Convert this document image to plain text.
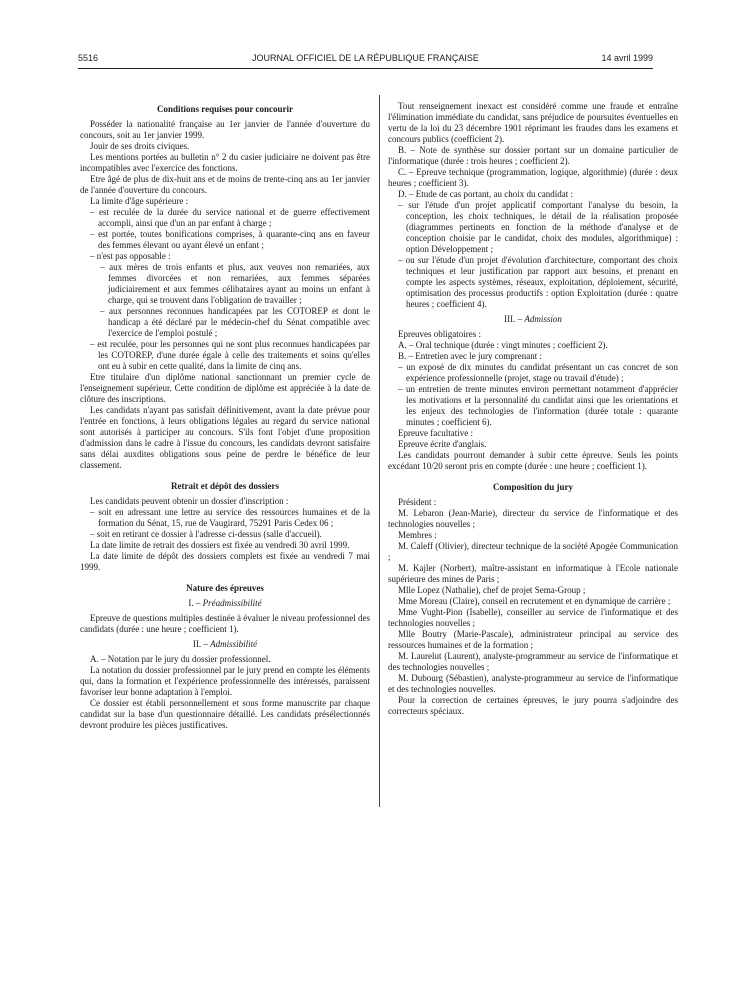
5516	JOURNAL OFFICIEL DE LA RÉPUBLIQUE FRANÇAISE	14 avril 1999

Conditions requises pour concourir

Posséder la nationalité française au 1er janvier de l'année d'ouverture du concours, soit au 1er janvier 1999.

Jouir de ses droits civiques.

Les mentions portées au bulletin n° 2 du casier judiciaire ne doivent pas être incompatibles avec l'exercice des fonctions.

Etre âgé de plus de dix-huit ans et de moins de trente-cinq ans au 1er janvier de l'année d'ouverture du concours.

La limite d'âge supérieure :

– est reculée de la durée du service national et de guerre effectivement accompli, ainsi que d'un an par enfant à charge ;

– est portée, toutes bonifications comprises, à quarante-cinq ans en faveur des femmes élevant ou ayant élevé un enfant ;

– n'est pas opposable :

– aux mères de trois enfants et plus, aux veuves non remariées, aux femmes divorcées et non remariées, aux femmes séparées judiciairement et aux femmes célibataires ayant au moins un enfant à charge, qui se trouvent dans l'obligation de travailler ;

– aux personnes reconnues handicapées par les COTOREP et dont le handicap a été déclaré par le médecin-chef du Sénat compatible avec l'exercice de l'emploi postulé ;

– est reculée, pour les personnes qui ne sont plus reconnues handicapées par les COTOREP, d'une durée égale à celle des traitements et soins qu'elles ont eu à subir en cette qualité, dans la limite de cinq ans.

Etre titulaire d'un diplôme national sanctionnant un premier cycle de l'enseignement supérieur. Cette condition de diplôme est appréciée à la date de clôture des inscriptions.

Les candidats n'ayant pas satisfait définitivement, avant la date prévue pour l'entrée en fonctions, à leurs obligations légales au regard du service national sont autorisés à participer au concours. S'ils font l'objet d'une proposition d'admission dans le cadre à l'issue du concours, les candidats devront satisfaire sans délai auxdites obligations sous peine de perdre le bénéfice de leur classement.

Retrait et dépôt des dossiers

Les candidats peuvent obtenir un dossier d'inscription :

– soit en adressant une lettre au service des ressources humaines et de la formation du Sénat, 15, rue de Vaugirard, 75291 Paris Cedex 06 ;

– soit en retirant ce dossier à l'adresse ci-dessus (salle d'accueil).

La date limite de retrait des dossiers est fixée au vendredi 30 avril 1999.

La date limite de dépôt des dossiers complets est fixée au vendredi 7 mai 1999.

Nature des épreuves

I. – Préadmissibilité

Epreuve de questions multiples destinée à évaluer le niveau professionnel des candidats (durée : une heure ; coefficient 1).

II. – Admissibilité

A. – Notation par le jury du dossier professionnel.

La notation du dossier professionnel par le jury prend en compte les éléments qui, dans la formation et l'expérience professionnelle des intéressés, paraissent favoriser leur bonne adaptation à l'emploi.

Ce dossier est établi personnellement et sous forme manuscrite par chaque candidat sur la base d'un questionnaire détaillé. Les candidats présélectionnés devront produire les pièces justificatives.

Tout renseignement inexact est considéré comme une fraude et entraîne l'élimination immédiate du candidat, sans préjudice de poursuites éventuelles en vertu de la loi du 23 décembre 1901 réprimant les fraudes dans les examens et concours publics (coefficient 2).

B. – Note de synthèse sur dossier portant sur un domaine particulier de l'informatique (durée : trois heures ; coefficient 2).

C. – Epreuve technique (programmation, logique, algorithmie) (durée : deux heures ; coefficient 3).

D. – Etude de cas portant, au choix du candidat :

– sur l'étude d'un projet applicatif comportant l'analyse du besoin, la conception, les choix techniques, le détail de la réalisation proposée (diagrammes pertinents en fonction de la méthode d'analyse et de conception choisie par le candidat, choix des modules, algorithmique) : option Développement ;

– ou sur l'étude d'un projet d'évolution d'architecture, comportant des choix techniques et leur justification par rapport aux besoins, et prenant en compte les aspects systèmes, réseaux, exploitation, déploiement, sécurité, optimisation des processus productifs : option Exploitation (durée : quatre heures ; coefficient 4).

III. – Admission

Epreuves obligatoires :

A. – Oral technique (durée : vingt minutes ; coefficient 2).

B. – Entretien avec le jury comprenant :

– un exposé de dix minutes du candidat présentant un cas concret de son expérience professionnelle (projet, stage ou travail d'étude) ;

– un entretien de trente minutes environ permettant notamment d'apprécier les motivations et la personnalité du candidat ainsi que les orientations et les enjeux des technologies de l'information (durée totale : quarante minutes ; coefficient 6).

Epreuve facultative :

Epreuve écrite d'anglais.

Les candidats pourront demander à subir cette épreuve. Seuls les points excédant 10/20 seront pris en compte (durée : une heure ; coefficient 1).

Composition du jury

Président :

M. Lebaron (Jean-Marie), directeur du service de l'informatique et des technologies nouvelles ;

Membres :

M. Caleff (Olivier), directeur technique de la société Apogée Communication ;

M. Kajler (Norbert), maître-assistant en informatique à l'Ecole nationale supérieure des mines de Paris ;

Mlle Lopez (Nathalie), chef de projet Sema-Group ;

Mme Moreau (Claire), conseil en recrutement et en dynamique de carrière ;

Mme Vught-Pion (Isabelle), conseiller au service de l'informatique et des technologies nouvelles ;

Mlle Boutry (Marie-Pascale), administrateur principal au service des ressources humaines et de la formation ;

M. Laurelut (Laurent), analyste-programmeur au service de l'informatique et des technologies nouvelles ;

M. Dubourg (Sébastien), analyste-programmeur au service de l'informatique et des technologies nouvelles.

Pour la correction de certaines épreuves, le jury pourra s'adjoindre des correcteurs spéciaux.
